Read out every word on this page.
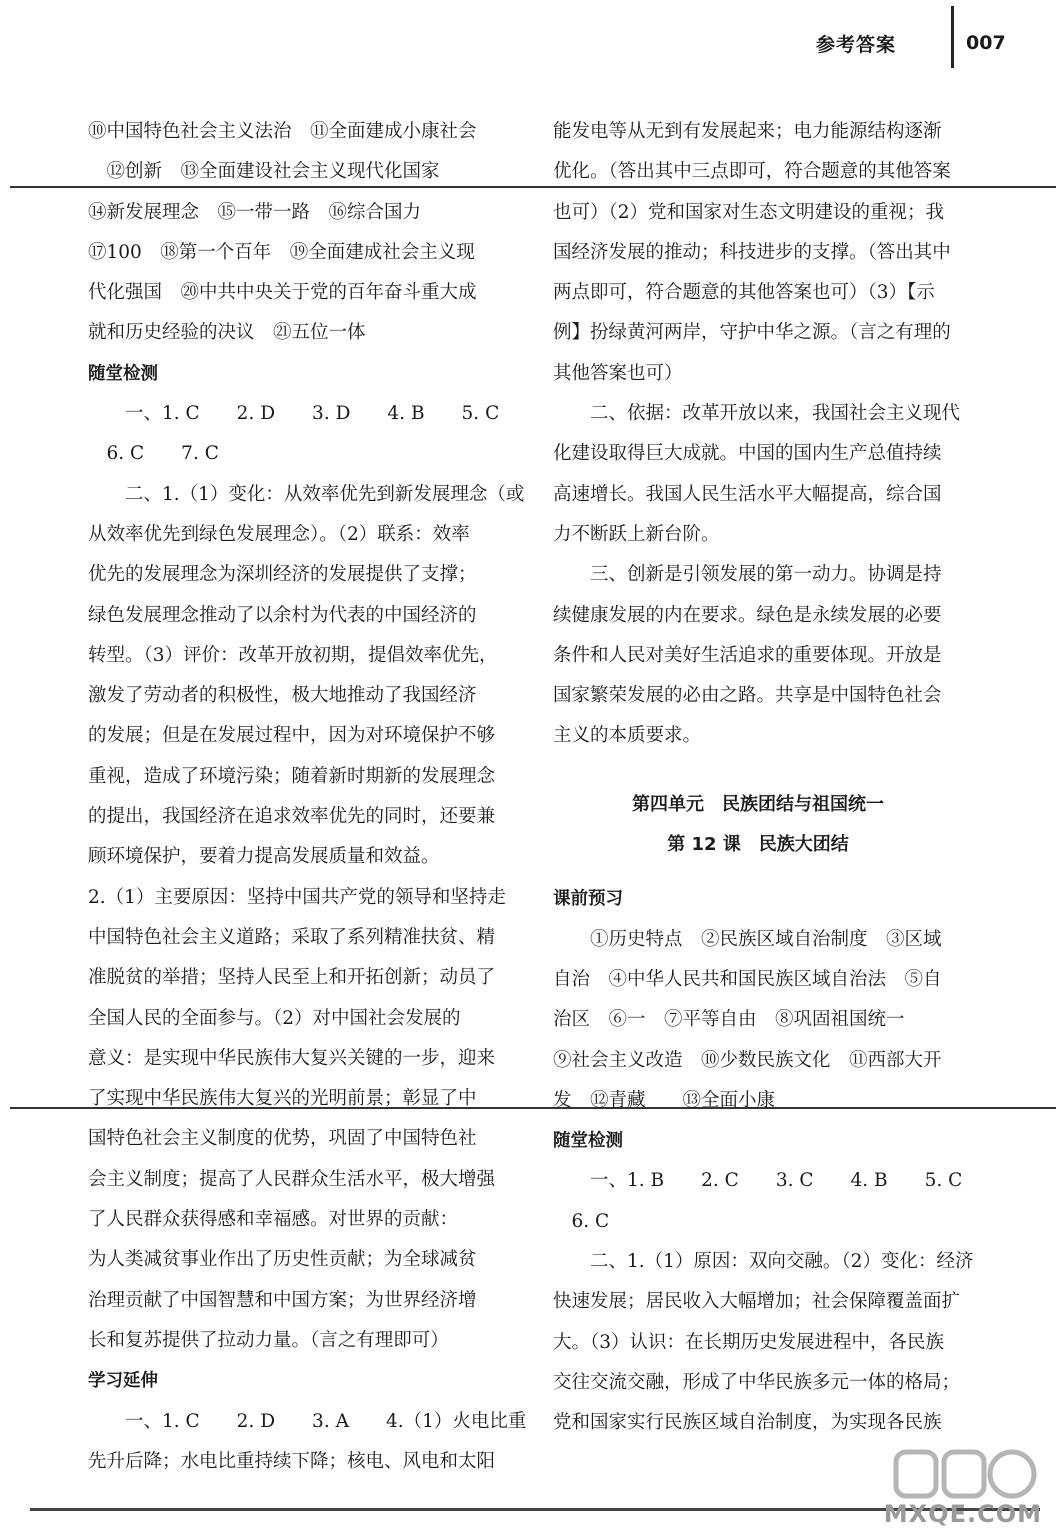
参考答案	007
⑩中国特色社会主义法治　⑪全面建成小康社会
　⑫创新　⑬全面建设社会主义现代化国家
⑭新发展理念　⑮一带一路　⑯综合国力
⑰100　⑱第一个百年　⑲全面建成社会主义现
代化强国　⑳中共中央关于党的百年奋斗重大成
就和历史经验的决议　㉑五位一体
随堂检测
　　一、1. C　　2. D　　3. D　　4. B　　5. C
　6. C　　7. C
　　二、1.（1）变化：从效率优先到新发展理念（或
从效率优先到绿色发展理念）。（2）联系：效率
优先的发展理念为深圳经济的发展提供了支撑；
绿色发展理念推动了以余村为代表的中国经济的
转型。（3）评价：改革开放初期，提倡效率优先，
激发了劳动者的积极性，极大地推动了我国经济
的发展；但是在发展过程中，因为对环境保护不够
重视，造成了环境污染；随着新时期新的发展理念
的提出，我国经济在追求效率优先的同时，还要兼
顾环境保护，要着力提高发展质量和效益。
2.（1）主要原因：坚持中国共产党的领导和坚持走
中国特色社会主义道路；采取了系列精准扶贫、精
准脱贫的举措；坚持人民至上和开拓创新；动员了
全国人民的全面参与。（2）对中国社会发展的
意义：是实现中华民族伟大复兴关键的一步，迎来
了实现中华民族伟大复兴的光明前景；彰显了中
国特色社会主义制度的优势，巩固了中国特色社
会主义制度；提高了人民群众生活水平，极大增强
了人民群众获得感和幸福感。对世界的贡献：
为人类减贫事业作出了历史性贡献；为全球减贫
治理贡献了中国智慧和中国方案；为世界经济增
长和复苏提供了拉动力量。（言之有理即可）
学习延伸
　　一、1. C　　2. D　　3. A　　4.（1）火电比重
先升后降；水电比重持续下降；核电、风电和太阳
能发电等从无到有发展起来；电力能源结构逐渐
优化。（答出其中三点即可，符合题意的其他答案
也可）（2）党和国家对生态文明建设的重视；我
国经济发展的推动；科技进步的支撑。（答出其中
两点即可，符合题意的其他答案也可）（3）【示
例】扮绿黄河两岸，守护中华之源。（言之有理的
其他答案也可）
　　二、依据：改革开放以来，我国社会主义现代
化建设取得巨大成就。中国的国内生产总值持续
高速增长。我国人民生活水平大幅提高，综合国
力不断跃上新台阶。
　　三、创新是引领发展的第一动力。协调是持
续健康发展的内在要求。绿色是永续发展的必要
条件和人民对美好生活追求的重要体现。开放是
国家繁荣发展的必由之路。共享是中国特色社会
主义的本质要求。
第四单元　民族团结与祖国统一
第 12 课　民族大团结
课前预习
　　①历史特点　②民族区域自治制度　③区域
自治　④中华人民共和国民族区域自治法　⑤自
治区　⑥一　⑦平等自由　⑧巩固祖国统一
⑨社会主义改造　⑩少数民族文化　⑪西部大开
发　⑫青藏　　⑬全面小康
随堂检测
　　一、1. B　　2. C　　3. C　　4. B　　5. C
　6. C
　　二、1.（1）原因：双向交融。（2）变化：经济
快速发展；居民收入大幅增加；社会保障覆盖面扩
大。（3）认识：在长期历史发展进程中，各民族
交往交流交融，形成了中华民族多元一体的格局；
党和国家实行民族区域自治制度，为实现各民族
MXQE.COM
